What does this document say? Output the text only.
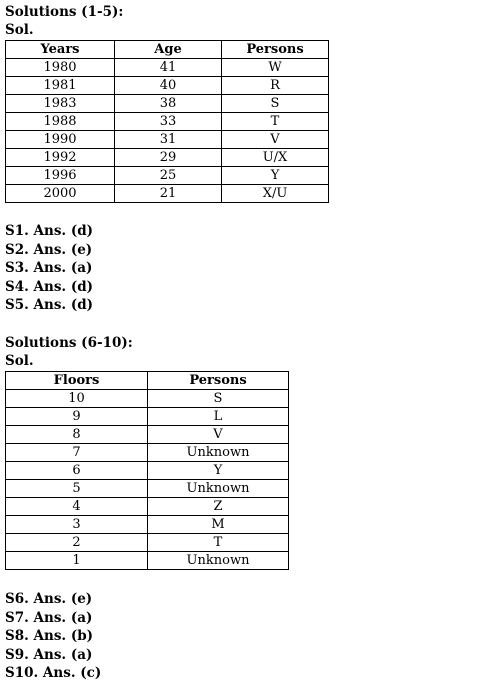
Solutions (1-5):

Sol.

Years	Age	Persons
1980	41	W
1981	40	R
1983	38	S
1988	33	T
1990	31	V
1992	29	U/X
1996	25	Y
2000	21	X/U
S1. Ans. (d)
S2. Ans. (e)
S3. Ans. (a)
S4. Ans. (d)
S5. Ans. (d)

Solutions (6-10):

Sol.

Floors	Persons
10	S
9	L
8	V
7	Unknown
6	Y
5	Unknown
4	Z
3	M
2	T
1	Unknown
S6. Ans. (e)
S7. Ans. (a)
S8. Ans. (b)
S9. Ans. (a)
S10. Ans. (c)
